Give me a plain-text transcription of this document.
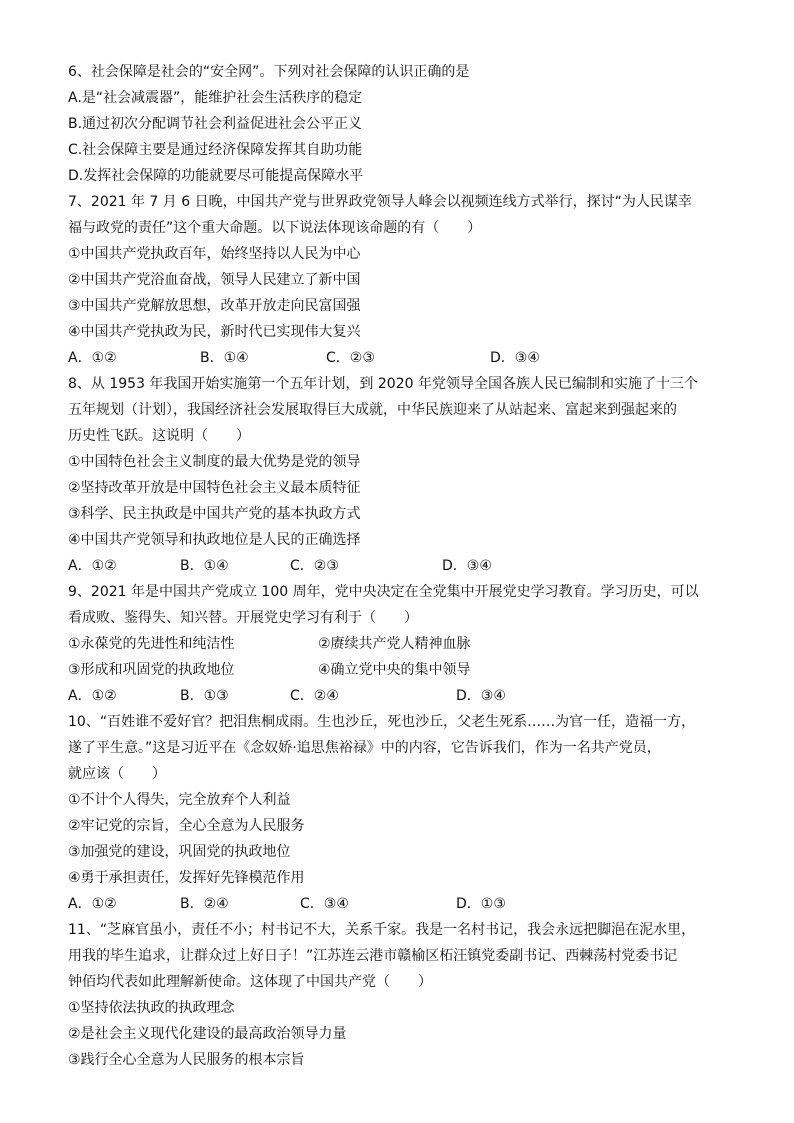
6、社会保障是社会的“安全网”。下列对社会保障的认识正确的是
A.是“社会减震器”，能维护社会生活秩序的稳定
B.通过初次分配调节社会利益促进社会公平正义
C.社会保障主要是通过经济保障发挥其自助功能
D.发挥社会保障的功能就要尽可能提高保障水平
7、2021 年 7 月 6 日晚，中国共产党与世界政党领导人峰会以视频连线方式举行，探讨“为人民谋幸
福与政党的责任”这个重大命题。以下说法体现该命题的有（　　）
①中国共产党执政百年，始终坚持以人民为中心
②中国共产党浴血奋战，领导人民建立了新中国
③中国共产党解放思想，改革开放走向民富国强
④中国共产党执政为民，新时代已实现伟大复兴
A．①②	B．①④	C．②③	D．③④
8、从 1953 年我国开始实施第一个五年计划，到 2020 年党领导全国各族人民已编制和实施了十三个
五年规划（计划），我国经济社会发展取得巨大成就，中华民族迎来了从站起来、富起来到强起来的
历史性飞跃。这说明（　　）
①中国特色社会主义制度的最大优势是党的领导
②坚持改革开放是中国特色社会主义最本质特征
③科学、民主执政是中国共产党的基本执政方式
④中国共产党领导和执政地位是人民的正确选择
A．①②	B．①④	C．②③	D．③④
9、2021 年是中国共产党成立 100 周年，党中央决定在全党集中开展党史学习教育。学习历史，可以
看成败、鉴得失、知兴替。开展党史学习有利于（　　）
①永葆党的先进性和纯洁性	②赓续共产党人精神血脉
③形成和巩固党的执政地位	④确立党中央的集中领导
A．①②	B．①③	C．②④	D．③④
10、“百姓谁不爱好官？把泪焦桐成雨。生也沙丘，死也沙丘，父老生死系……为官一任，造福一方，
遂了平生意。”这是习近平在《念奴娇·追思焦裕禄》中的内容，它告诉我们，作为一名共产党员，
就应该（　　）
①不计个人得失，完全放弃个人利益
②牢记党的宗旨，全心全意为人民服务
③加强党的建设，巩固党的执政地位
④勇于承担责任，发挥好先锋模范作用
A．①②	B．②④	C．③④	D．①③
11、“芝麻官虽小，责任不小；村书记不大，关系千家。我是一名村书记，我会永远把脚浥在泥水里，
用我的毕生追求，让群众过上好日子！”江苏连云港市赣榆区柘汪镇党委副书记、西棘荡村党委书记
钟佰均代表如此理解新使命。这体现了中国共产党（　　）
①坚持依法执政的执政理念
②是社会主义现代化建设的最高政治领导力量
③践行全心全意为人民服务的根本宗旨
